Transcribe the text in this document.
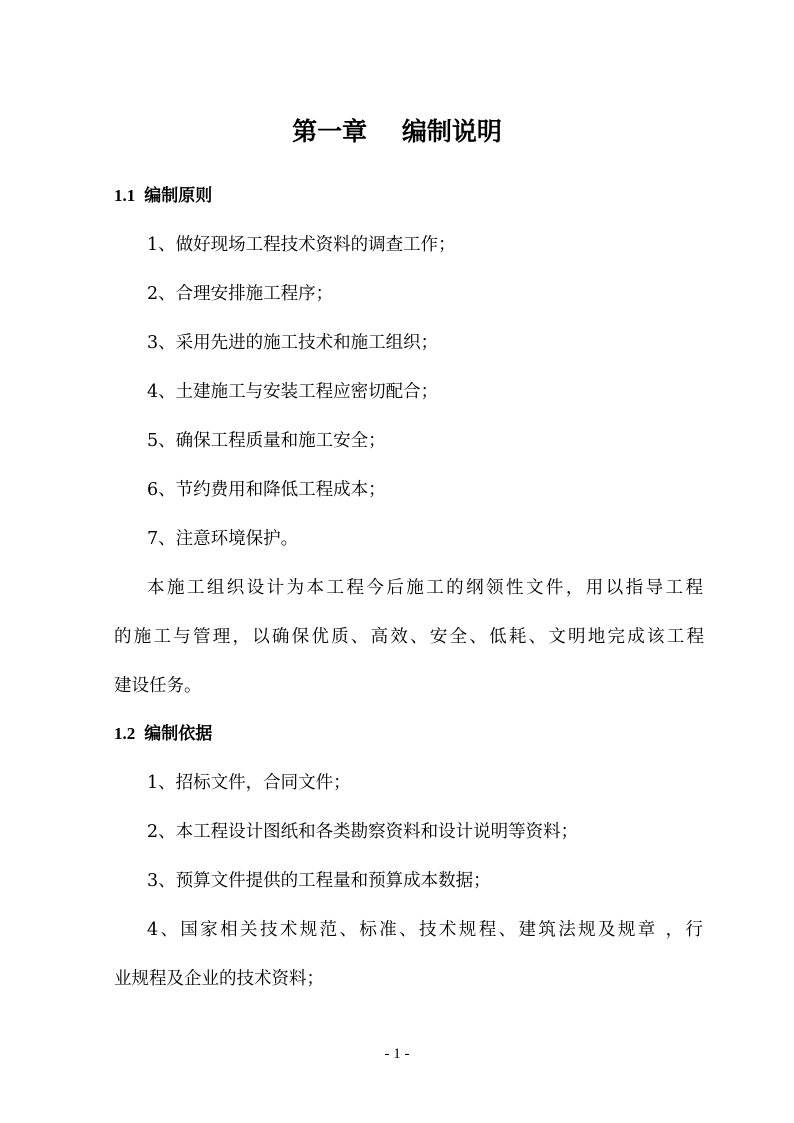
第一章    编制说明
1.1 编制原则
1、做好现场工程技术资料的调查工作；
2、合理安排施工程序；
3、采用先进的施工技术和施工组织；
4、土建施工与安装工程应密切配合；
5、确保工程质量和施工安全；
6、节约费用和降低工程成本；
7、注意环境保护。
本施工组织设计为本工程今后施工的纲领性文件，用以指导工程
的施工与管理，以确保优质、高效、安全、低耗、文明地完成该工程
建设任务。
1.2 编制依据
1、招标文件，合同文件；
2、本工程设计图纸和各类勘察资料和设计说明等资料；
3、预算文件提供的工程量和预算成本数据；
4、国家相关技术规范、标准、技术规程、建筑法规及规章 ，行
业规程及企业的技术资料；
- 1 -
